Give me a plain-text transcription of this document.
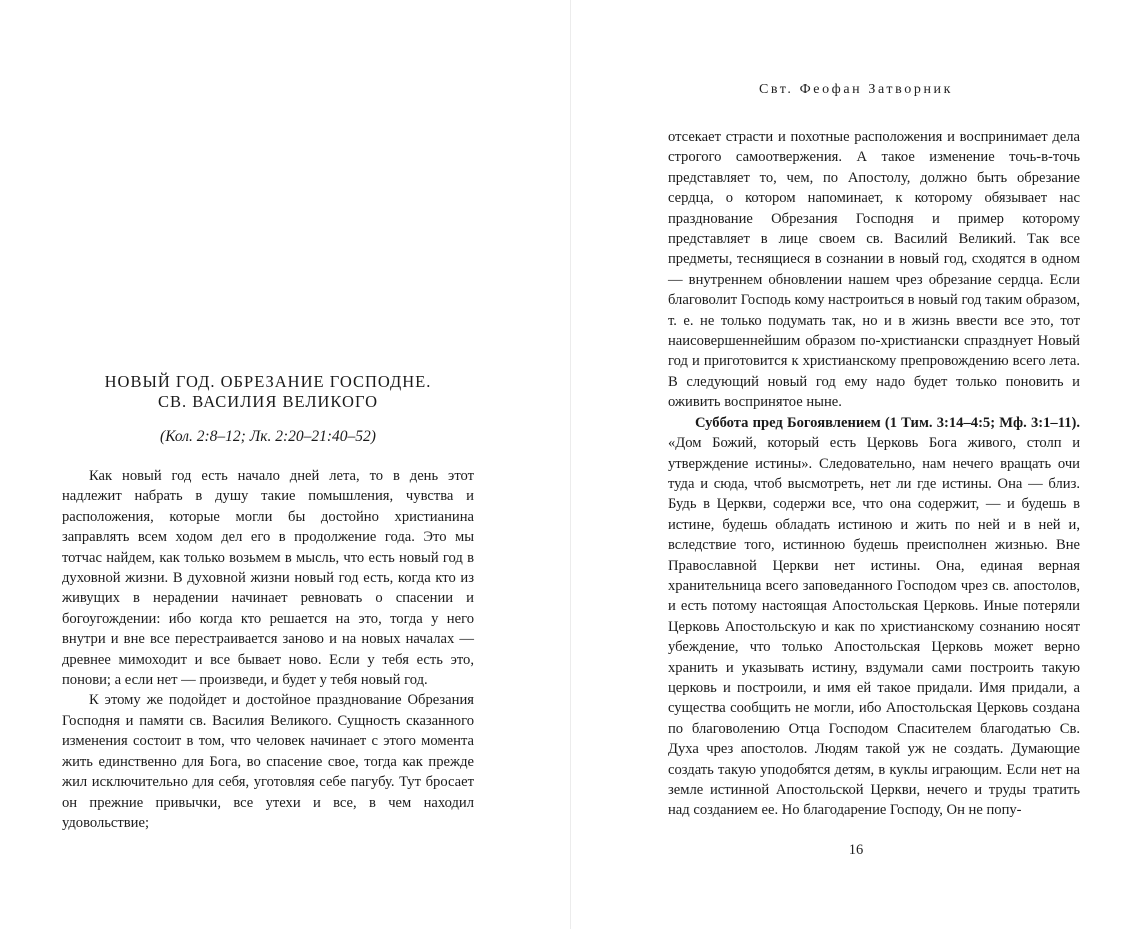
НОВЫЙ ГОД. ОБРЕЗАНИЕ ГОСПОДНЕ.
СВ. ВАСИЛИЯ ВЕЛИКОГО
(Кол. 2:8–12; Лк. 2:20–21:40–52)

Как новый год есть начало дней лета, то в день этот надлежит набрать в душу такие помышления, чувства и расположения, которые могли бы достойно христианина заправлять всем ходом дел его в продолжение года. Это мы тотчас найдем, как только возьмем в мысль, что есть новый год в духовной жизни. В духовной жизни новый год есть, когда кто из живущих в нерадении начинает ревновать о спасении и богоугождении: ибо когда кто решается на это, тогда у него внутри и вне все перестраивается заново и на новых началах — древнее мимоходит и все бывает ново. Если у тебя есть это, понови; а если нет — произведи, и будет у тебя новый год.

К этому же подойдет и достойное празднование Обрезания Господня и памяти св. Василия Великого. Сущность сказанного изменения состоит в том, что человек начинает с этого момента жить единственно для Бога, во спасение свое, тогда как прежде жил исключительно для себя, уготовляя себе пагубу. Тут бросает он прежние привычки, все утехи и все, в чем находил удовольствие;

Свт. Феофан Затворник

отсекает страсти и похотные расположения и воспринимает дела строгого самоотвержения. А такое изменение точь-в-точь представляет то, чем, по Апостолу, должно быть обрезание сердца, о котором напоминает, к которому обязывает нас празднование Обрезания Господня и пример которому представляет в лице своем св. Василий Великий. Так все предметы, теснящиеся в сознании в новый год, сходятся в одном — внутреннем обновлении нашем чрез обрезание сердца. Если благоволит Господь кому настроиться в новый год таким образом, т. е. не только подумать так, но и в жизнь ввести все это, тот наисовершеннейшим образом по-христиански спразднует Новый год и приготовится к христианскому препровождению всего лета. В следующий новый год ему надо будет только поновить и оживить воспринятое ныне.

Суббота пред Богоявлением (1 Тим. 3:14–4:5; Мф. 3:1–11). «Дом Божий, который есть Церковь Бога живого, столп и утверждение истины». Следовательно, нам нечего вращать очи туда и сюда, чтоб высмотреть, нет ли где истины. Она — близ. Будь в Церкви, содержи все, что она содержит, — и будешь в истине, будешь обладать истиною и жить по ней и в ней и, вследствие того, истинною будешь преисполнен жизнью. Вне Православной Церкви нет истины. Она, единая верная хранительница всего заповеданного Господом чрез св. апостолов, и есть потому настоящая Апостольская Церковь. Иные потеряли Церковь Апостольскую и как по христианскому сознанию носят убеждение, что только Апостольская Церковь может верно хранить и указывать истину, вздумали сами построить такую церковь и построили, и имя ей такое придали. Имя придали, а существа сообщить не могли, ибо Апостольская Церковь создана по благоволению Отца Господом Спасителем благодатью Св. Духа чрез апостолов. Людям такой уж не создать. Думающие создать такую уподобятся детям, в куклы играющим. Если нет на земле истинной Апостольской Церкви, нечего и труды тратить над созданием ее. Но благодарение Господу, Он не попу-

16
